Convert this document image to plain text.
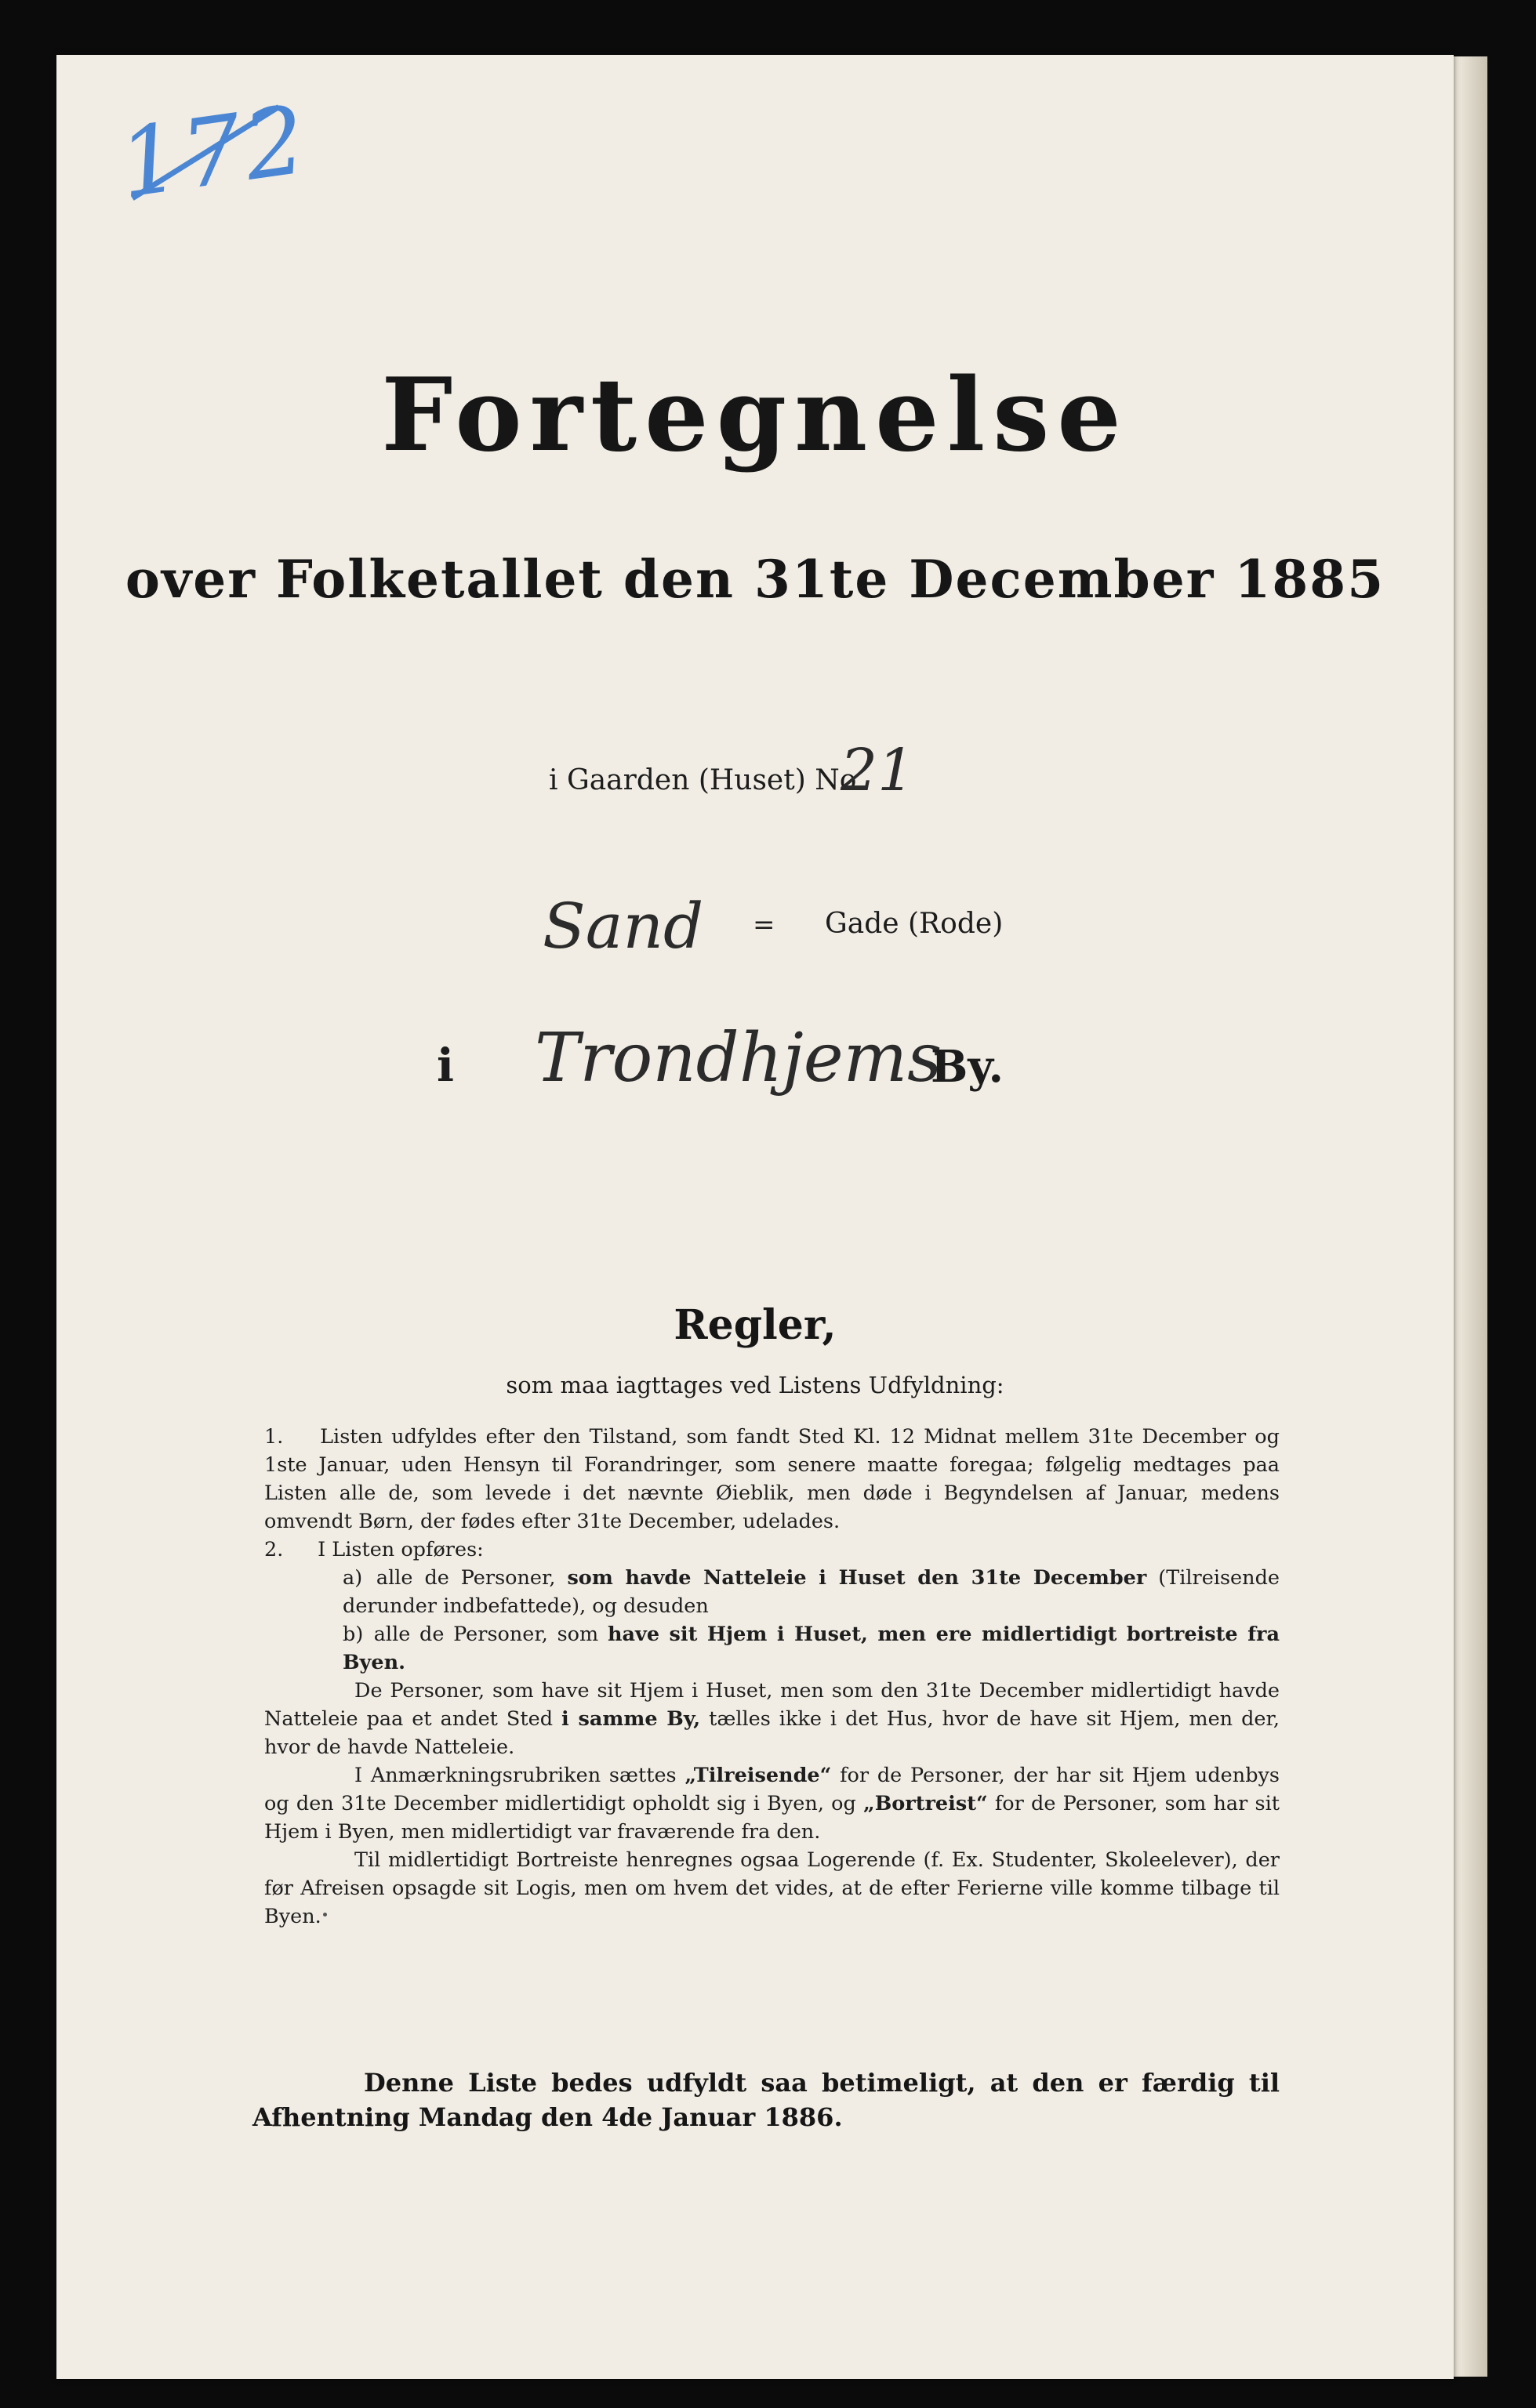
172
Fortegnelse
over Folketallet den 31te December 1885
i Gaarden (Huset) No.
21
Sand = Gade (Rode)
i Trondhjems
By.
Regler,
som maa iagttages ved Listens Udfyldning:
1. Listen udfyldes efter den Tilstand, som fandt Sted Kl. 12 Midnat mellem 31te December og 1ste Januar, uden Hensyn til Forandringer, som senere maatte foregaa; følgelig medtages paa Listen alle de, som levede i det nævnte Øieblik, men døde i Begyndelsen af Januar, medens omvendt Børn, der fødes efter 31te December, udelades.
2. I Listen opføres:
a) alle de Personer, som havde Natteleie i Huset den 31te December (Tilreisende derunder indbefattede), og desuden
b) alle de Personer, som have sit Hjem i Huset, men ere midlertidigt bortreiste fra Byen.
De Personer, som have sit Hjem i Huset, men som den 31te December midlertidigt havde Natteleie paa et andet Sted i samme By, tælles ikke i det Hus, hvor de have sit Hjem, men der, hvor de havde Natteleie.
I Anmærkningsrubriken sættes „Tilreisende“ for de Personer, der har sit Hjem udenbys og den 31te December midlertidigt opholdt sig i Byen, og „Bortreist“ for de Personer, som har sit Hjem i Byen, men midlertidigt var fraværende fra den.
Til midlertidigt Bortreiste henregnes ogsaa Logerende (f. Ex. Studenter, Skoleelever), der før Afreisen opsagde sit Logis, men om hvem det vides, at de efter Ferierne ville komme tilbage til Byen.
Denne Liste bedes udfyldt saa betimeligt, at den er færdig til Afhentning Mandag den 4de Januar 1886.
